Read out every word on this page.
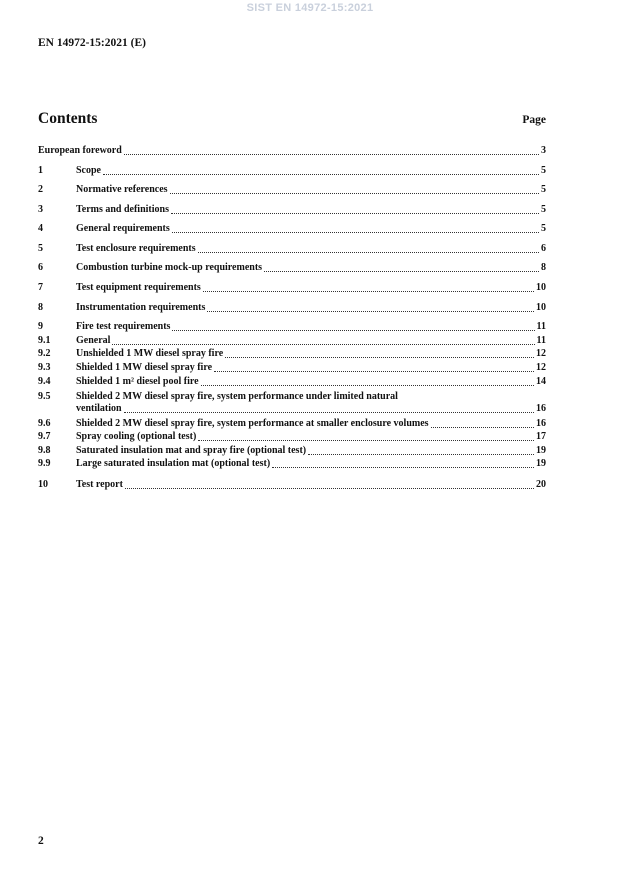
SIST EN 14972-15:2021
EN 14972-15:2021 (E)
Contents	Page
European foreword	3
1	Scope	5
2	Normative references	5
3	Terms and definitions	5
4	General requirements	5
5	Test enclosure requirements	6
6	Combustion turbine mock-up requirements	8
7	Test equipment requirements	10
8	Instrumentation requirements	10
9	Fire test requirements	11
9.1	General	11
9.2	Unshielded 1 MW diesel spray fire	12
9.3	Shielded 1 MW diesel spray fire	12
9.4	Shielded 1 m² diesel pool fire	14
9.5	Shielded 2 MW diesel spray fire, system performance under limited natural
ventilation	16
9.6	Shielded 2 MW diesel spray fire, system performance at smaller enclosure volumes	16
9.7	Spray cooling (optional test)	17
9.8	Saturated insulation mat and spray fire (optional test)	19
9.9	Large saturated insulation mat (optional test)	19
10	Test report	20
2
